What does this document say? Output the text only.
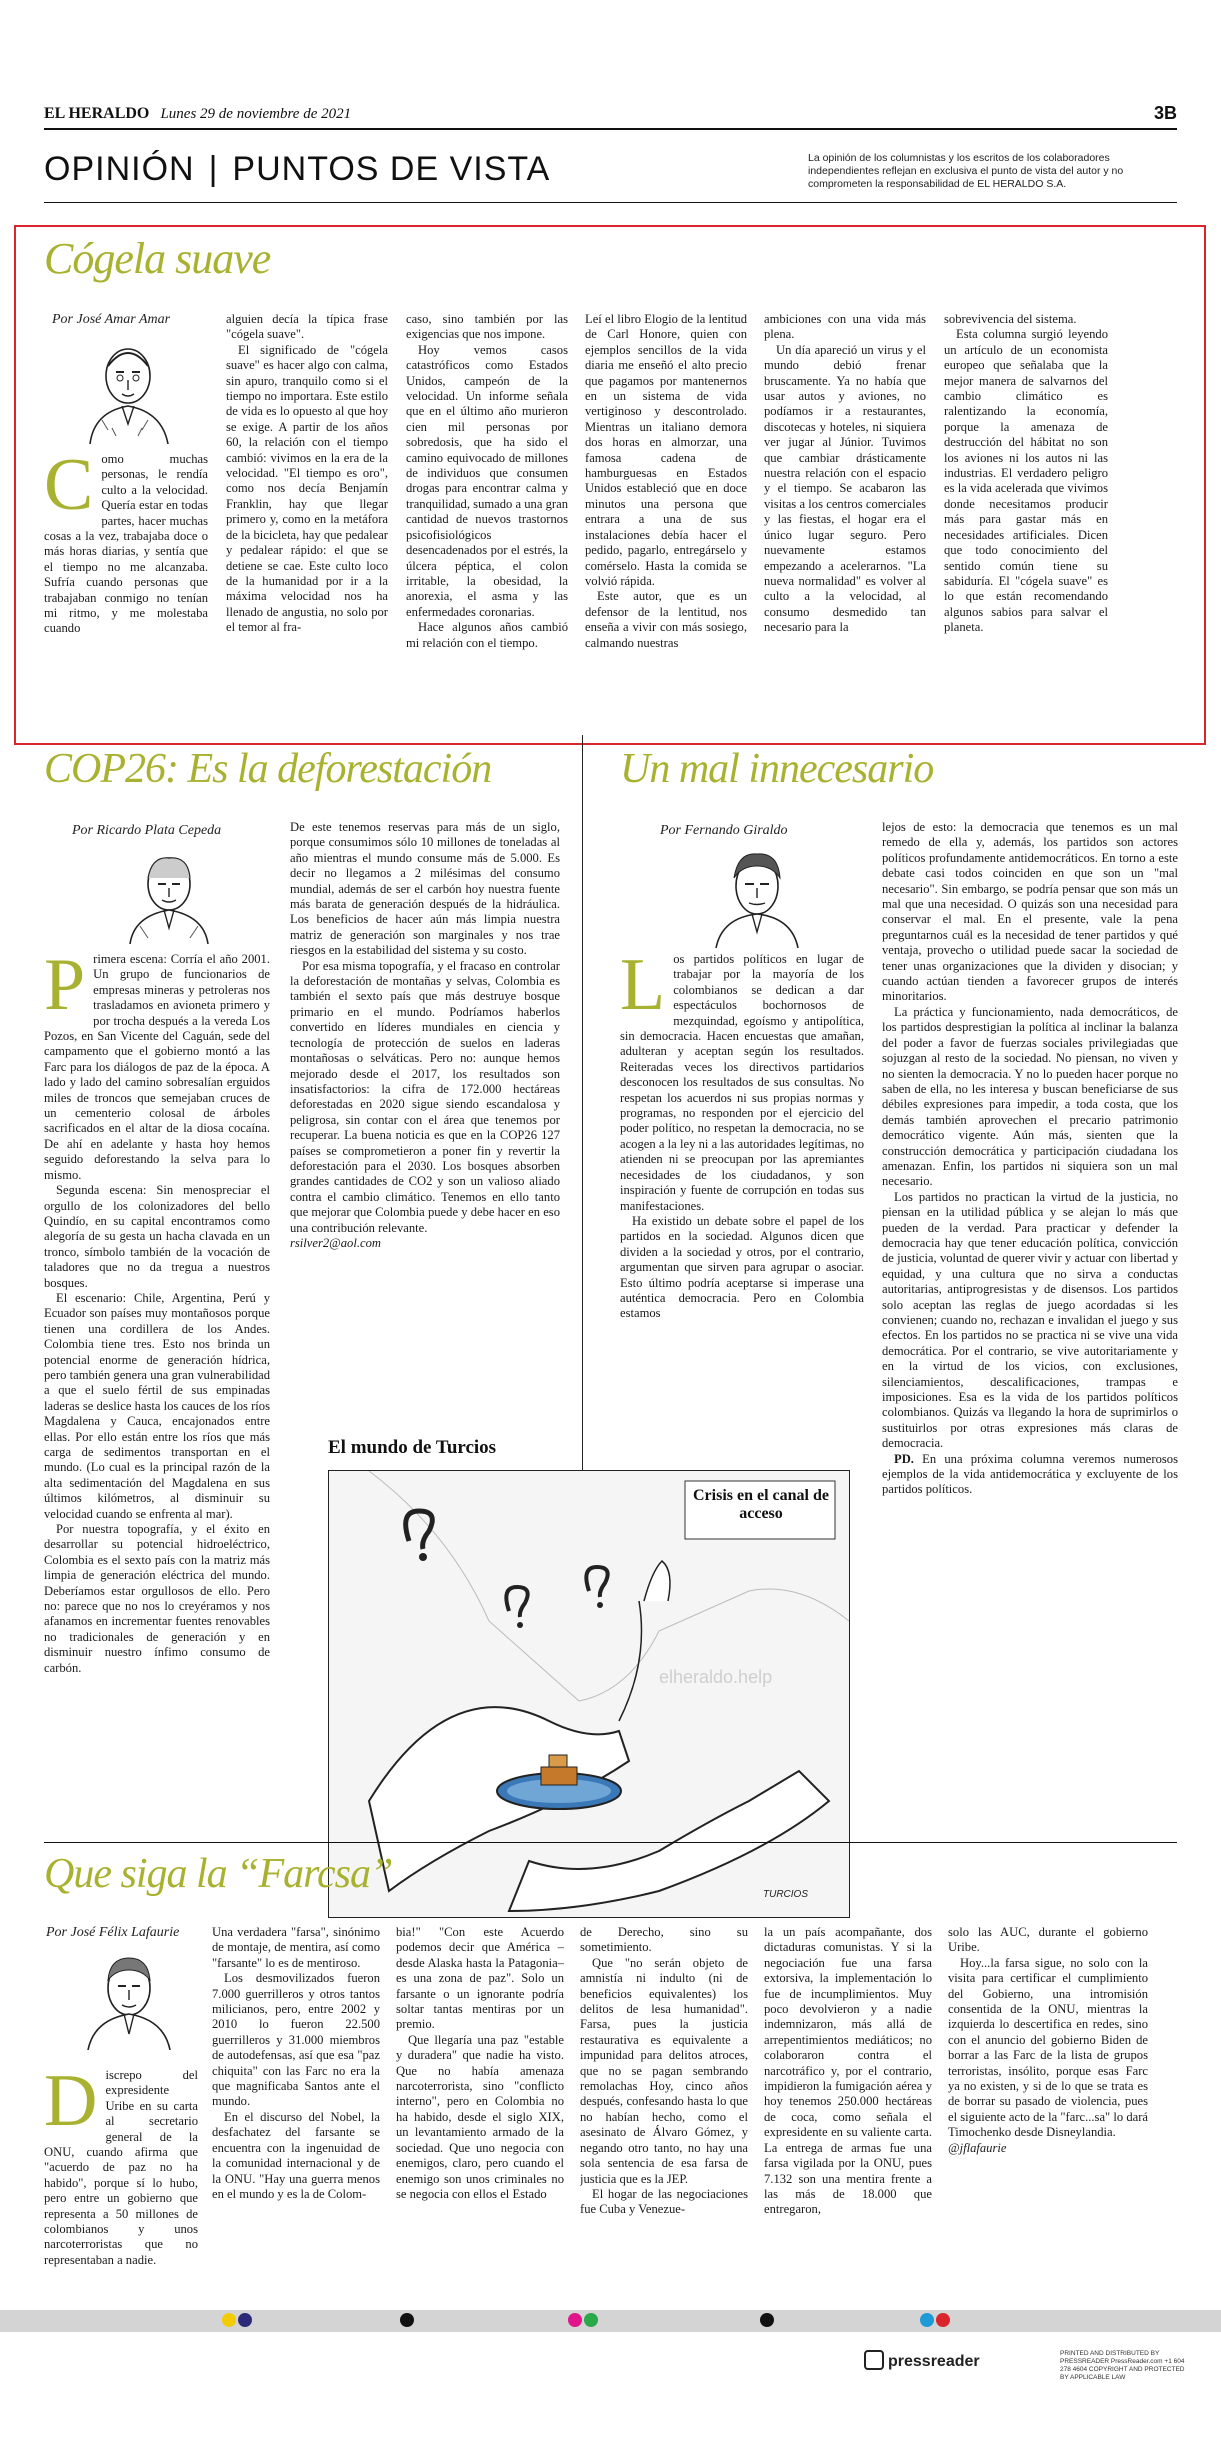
EL HERALDO Lunes 29 de noviembre de 2021	3B
OPINIÓN | PUNTOS DE VISTA	La opinión de los columnistas y los escritos de los colaboradores independientes reflejan en exclusiva el punto de vista del autor y no comprometen la responsabilidad de EL HERALDO S.A.
Cógela suave
Por José Amar Amar
C omo muchas personas, le rendía culto a la velocidad. Quería estar en todas partes, hacer muchas cosas a la vez, trabajaba doce o más horas diarias, y sentía que el tiempo no me alcanzaba. Sufría cuando personas que trabajaban conmigo no tenían mi ritmo, y me molestaba cuando

alguien decía la típica frase "cógela suave".

El significado de "cógela suave" es hacer algo con calma, sin apuro, tranquilo como si el tiempo no importara. Este estilo de vida es lo opuesto al que hoy se exige. A partir de los años 60, la relación con el tiempo cambió: vivimos en la era de la velocidad. "El tiempo es oro", como nos decía Benjamín Franklin, hay que llegar primero y, como en la metáfora de la bicicleta, hay que pedalear y pedalear rápido: el que se detiene se cae. Este culto loco de la humanidad por ir a la máxima velocidad nos ha llenado de angustia, no solo por el temor al fra-

caso, sino también por las exigencias que nos impone.

Hoy vemos casos catastróficos como Estados Unidos, campeón de la velocidad. Un informe señala que en el último año murieron cien mil personas por sobredosis, que ha sido el camino equivocado de millones de individuos que consumen drogas para encontrar calma y tranquilidad, sumado a una gran cantidad de nuevos trastornos psicofisiológicos desencadenados por el estrés, la úlcera péptica, el colon irritable, la obesidad, la anorexia, el asma y las enfermedades coronarias.

Hace algunos años cambió mi relación con el tiempo.

Leí el libro Elogio de la lentitud de Carl Honore, quien con ejemplos sencillos de la vida diaria me enseñó el alto precio que pagamos por mantenernos en un sistema de vida vertiginoso y descontrolado. Mientras un italiano demora dos horas en almorzar, una famosa cadena de hamburguesas en Estados Unidos estableció que en doce minutos una persona que entrara a una de sus instalaciones debía hacer el pedido, pagarlo, entregárselo y comérselo. Hasta la comida se volvió rápida.

Este autor, que es un defensor de la lentitud, nos enseña a vivir con más sosiego, calmando nuestras

ambiciones con una vida más plena.

Un día apareció un virus y el mundo debió frenar bruscamente. Ya no había que usar autos y aviones, no podíamos ir a restaurantes, discotecas y hoteles, ni siquiera ver jugar al Júnior. Tuvimos que cambiar drásticamente nuestra relación con el espacio y el tiempo. Se acabaron las visitas a los centros comerciales y las fiestas, el hogar era el único lugar seguro. Pero nuevamente estamos empezando a acelerarnos. "La nueva normalidad" es volver al culto a la velocidad, al consumo desmedido tan necesario para la

sobrevivencia del sistema.

Esta columna surgió leyendo un artículo de un economista europeo que señalaba que la mejor manera de salvarnos del cambio climático es ralentizando la economía, porque la amenaza de destrucción del hábitat no son los aviones ni los autos ni las industrias. El verdadero peligro es la vida acelerada que vivimos donde necesitamos producir más para gastar más en necesidades artificiales. Dicen que todo conocimiento del sentido común tiene su sabiduría. El "cógela suave" es lo que están recomendando algunos sabios para salvar el planeta.

COP26: Es la deforestación
Por Ricardo Plata Cepeda
P rimera escena: Corría el año 2001. Un grupo de funcionarios de empresas mineras y petroleras nos trasladamos en avioneta primero y por trocha después a la vereda Los Pozos, en San Vicente del Caguán, sede del campamento que el gobierno montó a las Farc para los diálogos de paz de la época. A lado y lado del camino sobresalían erguidos miles de troncos que semejaban cruces de un cementerio colosal de árboles sacrificados en el altar de la diosa cocaína. De ahí en adelante y hasta hoy hemos seguido deforestando la selva para lo mismo.

Segunda escena: Sin menospreciar el orgullo de los colonizadores del bello Quindío, en su capital encontramos como alegoría de su gesta un hacha clavada en un tronco, símbolo también de la vocación de taladores que no da tregua a nuestros bosques.

El escenario: Chile, Argentina, Perú y Ecuador son países muy montañosos porque tienen una cordillera de los Andes. Colombia tiene tres. Esto nos brinda un potencial enorme de generación hídrica, pero también genera una gran vulnerabilidad a que el suelo fértil de sus empinadas laderas se deslice hasta los cauces de los ríos Magdalena y Cauca, encajonados entre ellas. Por ello están entre los ríos que más carga de sedimentos transportan en el mundo. (Lo cual es la principal razón de la alta sedimentación del Magdalena en sus últimos kilómetros, al disminuir su velocidad cuando se enfrenta al mar).

Por nuestra topografía, y el éxito en desarrollar su potencial hidroeléctrico, Colombia es el sexto país con la matriz más limpia de generación eléctrica del mundo. Deberíamos estar orgullosos de ello. Pero no: parece que no nos lo creyéramos y nos afanamos en incrementar fuentes renovables no tradicionales de generación y en disminuir nuestro ínfimo consumo de carbón.

De este tenemos reservas para más de un siglo, porque consumimos sólo 10 millones de toneladas al año mientras el mundo consume más de 5.000. Es decir no llegamos a 2 milésimas del consumo mundial, además de ser el carbón hoy nuestra fuente más barata de generación después de la hidráulica. Los beneficios de hacer aún más limpia nuestra matriz de generación son marginales y nos trae riesgos en la estabilidad del sistema y su costo.

Por esa misma topografía, y el fracaso en controlar la deforestación de montañas y selvas, Colombia es también el sexto país que más destruye bosque primario en el mundo. Podríamos haberlos convertido en líderes mundiales en ciencia y tecnología de protección de suelos en laderas montañosas o selváticas. Pero no: aunque hemos mejorado desde el 2017, los resultados son insatisfactorios: la cifra de 172.000 hectáreas deforestadas en 2020 sigue siendo escandalosa y peligrosa, sin contar con el área que tenemos por recuperar. La buena noticia es que en la COP26 127 países se comprometieron a poner fin y revertir la deforestación para el 2030. Los bosques absorben grandes cantidades de CO2 y son un valioso aliado contra el cambio climático. Tenemos en ello tanto que mejorar que Colombia puede y debe hacer en eso una contribución relevante.

rsilver2@aol.com

Un mal innecesario
Por Fernando Giraldo
L os partidos políticos en lugar de trabajar por la mayoría de los colombianos se dedican a dar espectáculos bochornosos de mezquindad, egoísmo y antipolítica, sin democracia. Hacen encuestas que amañan, adulteran y aceptan según los resultados. Reiteradas veces los directivos partidarios desconocen los resultados de sus consultas. No respetan los acuerdos ni sus propias normas y programas, no responden por el ejercicio del poder político, no respetan la democracia, no se acogen a la ley ni a las autoridades legítimas, no atienden ni se preocupan por las apremiantes necesidades de los ciudadanos, y son inspiración y fuente de corrupción en todas sus manifestaciones.

Ha existido un debate sobre el papel de los partidos en la sociedad. Algunos dicen que dividen a la sociedad y otros, por el contrario, argumentan que sirven para agrupar o asociar. Esto último podría aceptarse si imperase una auténtica democracia. Pero en Colombia estamos

lejos de esto: la democracia que tenemos es un mal remedo de ella y, además, los partidos son actores políticos profundamente antidemocráticos. En torno a este debate casi todos coinciden en que son un "mal necesario". Sin embargo, se podría pensar que son más un mal que una necesidad. O quizás son una necesidad para conservar el mal. En el presente, vale la pena preguntarnos cuál es la necesidad de tener partidos y qué ventaja, provecho o utilidad puede sacar la sociedad de tener unas organizaciones que la dividen y disocian; y cuando actúan tienden a favorecer grupos de interés minoritarios.

La práctica y funcionamiento, nada democráticos, de los partidos desprestigian la política al inclinar la balanza del poder a favor de fuerzas sociales privilegiadas que sojuzgan al resto de la sociedad. No piensan, no viven y no sienten la democracia. Y no lo pueden hacer porque no saben de ella, no les interesa y buscan beneficiarse de sus débiles expresiones para impedir, a toda costa, que los demás también aprovechen el precario patrimonio democrático vigente. Aún más, sienten que la construcción democrática y participación ciudadana los amenazan. Enfin, los partidos ni siquiera son un mal necesario.

Los partidos no practican la virtud de la justicia, no piensan en la utilidad pública y se alejan lo más que pueden de la verdad. Para practicar y defender la democracia hay que tener educación política, convicción de justicia, voluntad de querer vivir y actuar con libertad y equidad, y una cultura que no sirva a conductas autoritarias, antiprogresistas y de disensos. Los partidos solo aceptan las reglas de juego acordadas si les convienen; cuando no, rechazan e invalidan el juego y sus efectos. En los partidos no se practica ni se vive una vida democrática. Por el contrario, se vive autoritariamente y en la virtud de los vicios, con exclusiones, silenciamientos, descalificaciones, trampas e imposiciones. Esa es la vida de los partidos políticos colombianos. Quizás va llegando la hora de suprimirlos o sustituirlos por otras expresiones más claras de democracia.

PD. En una próxima columna veremos numerosos ejemplos de la vida antidemocrática y excluyente de los partidos políticos.

El mundo de Turcios
Crisis en el canal de acceso
elheraldo.help
TURCIOS
Que siga la “Farcsa”
Por José Félix Lafaurie
D iscrepo del expresidente Uribe en su carta al secretario general de la ONU, cuando afirma que "acuerdo de paz no ha habido", porque sí lo hubo, pero entre un gobierno que representa a 50 millones de colombianos y unos narcoterroristas que no representaban a nadie.

Una verdadera "farsa", sinónimo de montaje, de mentira, así como "farsante" lo es de mentiroso.

Los desmovilizados fueron 7.000 guerrilleros y otros tantos milicianos, pero, entre 2002 y 2010 lo fueron 22.500 guerrilleros y 31.000 miembros de autodefensas, así que esa "paz chiquita" con las Farc no era la que magnificaba Santos ante el mundo.

En el discurso del Nobel, la desfachatez del farsante se encuentra con la ingenuidad de la comunidad internacional y de la ONU. "Hay una guerra menos en el mundo y es la de Colom-

bia!" "Con este Acuerdo podemos decir que América –desde Alaska hasta la Patagonia– es una zona de paz". Solo un farsante o un ignorante podría soltar tantas mentiras por un premio.

Que llegaría una paz "estable y duradera" que nadie ha visto. Que no había amenaza narcoterrorista, sino "conflicto interno", pero en Colombia no ha habido, desde el siglo XIX, un levantamiento armado de la sociedad. Que uno negocia con enemigos, claro, pero cuando el enemigo son unos criminales no se negocia con ellos el Estado

de Derecho, sino su sometimiento.

Que "no serán objeto de amnistía ni indulto (ni de beneficios equivalentes) los delitos de lesa humanidad". Farsa, pues la justicia restaurativa es equivalente a impunidad para delitos atroces, que no se pagan sembrando remolachas Hoy, cinco años después, confesando hasta lo que no habían hecho, como el asesinato de Álvaro Gómez, y negando otro tanto, no hay una sola sentencia de esa farsa de justicia que es la JEP.

El hogar de las negociaciones fue Cuba y Venezue-

la un país acompañante, dos dictaduras comunistas. Y si la negociación fue una farsa extorsiva, la implementación lo fue de incumplimientos. Muy poco devolvieron y a nadie indemnizaron, más allá de arrepentimientos mediáticos; no colaboraron contra el narcotráfico y, por el contrario, impidieron la fumigación aérea y hoy tenemos 250.000 hectáreas de coca, como señala el expresidente en su valiente carta. La entrega de armas fue una farsa vigilada por la ONU, pues 7.132 son una mentira frente a las más de 18.000 que entregaron,

solo las AUC, durante el gobierno Uribe.

Hoy...la farsa sigue, no solo con la visita para certificar el cumplimiento del Gobierno, una intromisión consentida de la ONU, mientras la izquierda lo descertifica en redes, sino con el anuncio del gobierno Biden de borrar a las Farc de la lista de grupos terroristas, insólito, porque esas Farc ya no existen, y si de lo que se trata es de borrar su pasado de violencia, pues el siguiente acto de la "farc...sa" lo dará Timochenko desde Disneylandia.

@jflafaurie

pressreader	PRINTED AND DISTRIBUTED BY PRESSREADER PressReader.com +1 604 278 4604 COPYRIGHT AND PROTECTED BY APPLICABLE LAW
